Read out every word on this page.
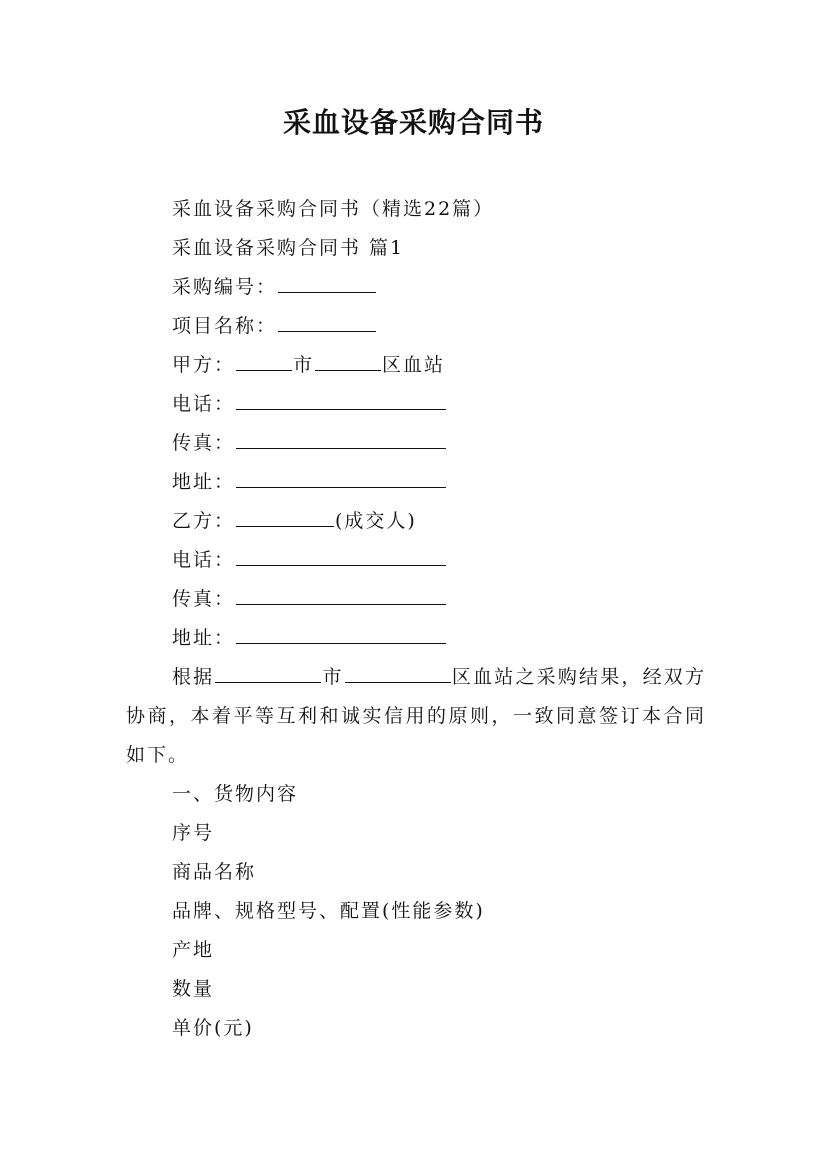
采血设备采购合同书

采血设备采购合同书（精选22篇）

采血设备采购合同书 篇1

采购编号：

项目名称：

甲方：	市	区血站

电话：

传真：

地址：

乙方：	(成交人)

电话：

传真：

地址：

根据	市	区血站之采购结果，经双方协商，本着平等互利和诚实信用的原则，一致同意签订本合同如下。

一、货物内容

序号

商品名称

品牌、规格型号、配置(性能参数)

产地

数量

单价(元)
